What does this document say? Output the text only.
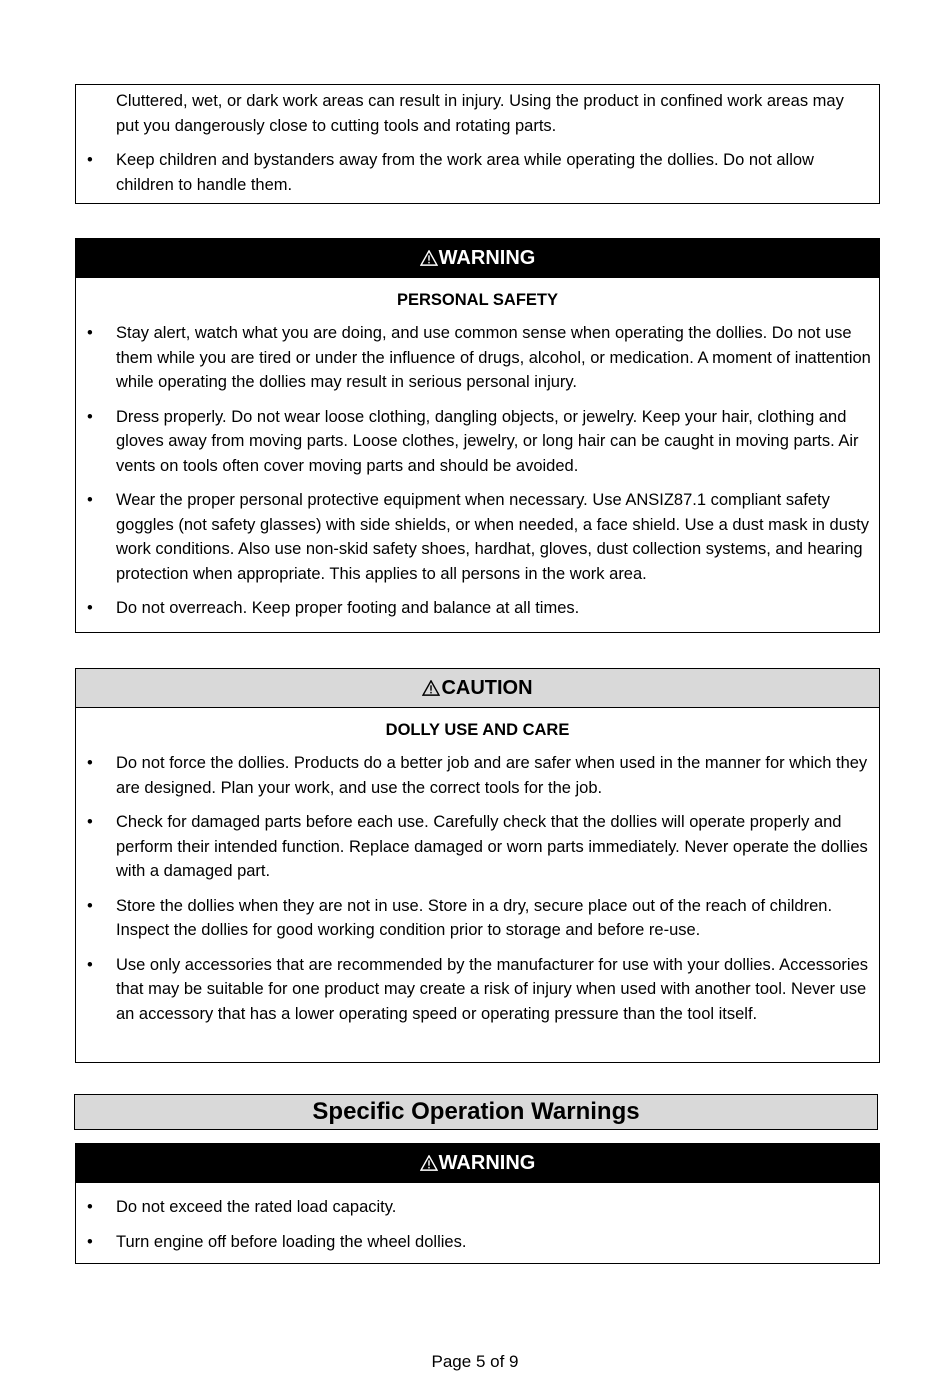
Cluttered, wet, or dark work areas can result in injury. Using the product in confined work areas may put you dangerously close to cutting tools and rotating parts.
• Keep children and bystanders away from the work area while operating the dollies. Do not allow children to handle them.
WARNING
PERSONAL SAFETY
• Stay alert, watch what you are doing, and use common sense when operating the dollies. Do not use them while you are tired or under the influence of drugs, alcohol, or medication. A moment of inattention while operating the dollies may result in serious personal injury.
• Dress properly. Do not wear loose clothing, dangling objects, or jewelry. Keep your hair, clothing and gloves away from moving parts. Loose clothes, jewelry, or long hair can be caught in moving parts. Air vents on tools often cover moving parts and should be avoided.
• Wear the proper personal protective equipment when necessary. Use ANSIZ87.1 compliant safety goggles (not safety glasses) with side shields, or when needed, a face shield. Use a dust mask in dusty work conditions. Also use non-skid safety shoes, hardhat, gloves, dust collection systems, and hearing protection when appropriate. This applies to all persons in the work area.
• Do not overreach. Keep proper footing and balance at all times.
CAUTION
DOLLY USE AND CARE
• Do not force the dollies. Products do a better job and are safer when used in the manner for which they are designed. Plan your work, and use the correct tools for the job.
• Check for damaged parts before each use. Carefully check that the dollies will operate properly and perform their intended function. Replace damaged or worn parts immediately. Never operate the dollies with a damaged part.
• Store the dollies when they are not in use. Store in a dry, secure place out of the reach of children. Inspect the dollies for good working condition prior to storage and before re-use.
• Use only accessories that are recommended by the manufacturer for use with your dollies. Accessories that may be suitable for one product may create a risk of injury when used with another tool. Never use an accessory that has a lower operating speed or operating pressure than the tool itself.
Specific Operation Warnings
WARNING
• Do not exceed the rated load capacity.
• Turn engine off before loading the wheel dollies.
Page 5 of 9
